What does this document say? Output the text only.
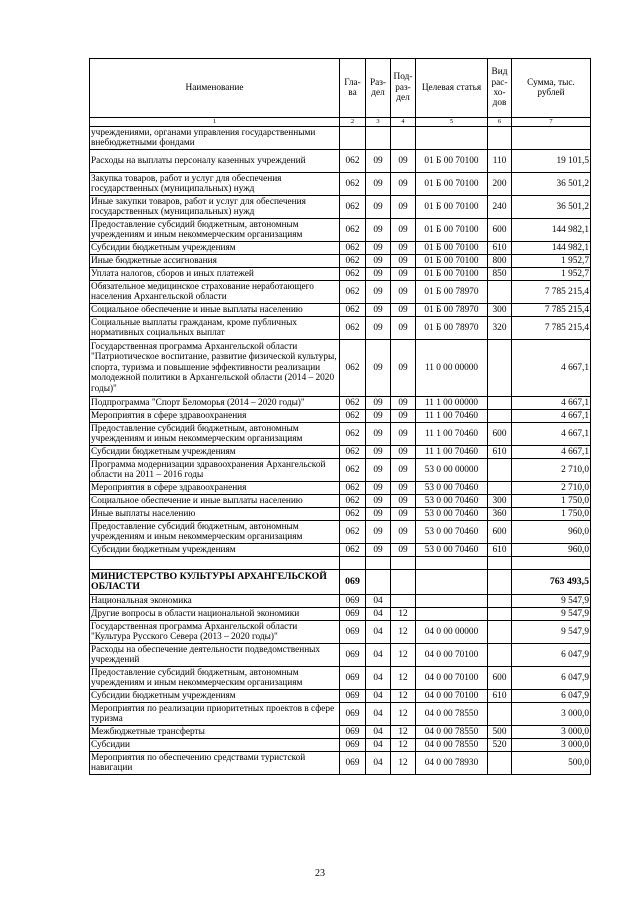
Наименование	Гла-ва	Раз-дел	Под-раз-дел	Целевая статья	Вид рас-хо-дов	Сумма, тыс. рублей
1	2	3	4	5	6	7
учреждениями, органами управления государственными внебюджетными фондами						
Расходы на выплаты персоналу казенных учреждений	062	09	09	01 Б 00 70100	110	19 101,5
Закупка товаров, работ и услуг для обеспечения государственных (муниципальных) нужд	062	09	09	01 Б 00 70100	200	36 501,2
Иные закупки товаров, работ и услуг для обеспечения государственных (муниципальных) нужд	062	09	09	01 Б 00 70100	240	36 501,2
Предоставление субсидий бюджетным, автономным учреждениям и иным некоммерческим организациям	062	09	09	01 Б 00 70100	600	144 982,1
Субсидии бюджетным учреждениям	062	09	09	01 Б 00 70100	610	144 982,1
Иные бюджетные ассигнования	062	09	09	01 Б 00 70100	800	1 952,7
Уплата налогов, сборов и иных платежей	062	09	09	01 Б 00 70100	850	1 952,7
Обязательное медицинское страхование неработающего населения Архангельской области	062	09	09	01 Б 00 78970		7 785 215,4
Социальное обеспечение и иные выплаты населению	062	09	09	01 Б 00 78970	300	7 785 215,4
Социальные выплаты гражданам, кроме публичных нормативных социальных выплат	062	09	09	01 Б 00 78970	320	7 785 215,4
Государственная программа Архангельской области "Патриотическое воспитание, развитие физической культуры, спорта, туризма и повышение эффективности реализации молодежной политики в Архангельской области (2014 – 2020 годы)"	062	09	09	11 0 00 00000		4 667,1
Подпрограмма "Спорт Беломорья (2014 – 2020 годы)"	062	09	09	11 1 00 00000		4 667,1
Мероприятия в сфере здравоохранения	062	09	09	11 1 00 70460		4 667,1
Предоставление субсидий бюджетным, автономным учреждениям и иным некоммерческим организациям	062	09	09	11 1 00 70460	600	4 667,1
Субсидии бюджетным учреждениям	062	09	09	11 1 00 70460	610	4 667,1
Программа модернизации здравоохранения Архангельской области на 2011 – 2016 годы	062	09	09	53 0 00 00000		2 710,0
Мероприятия в сфере здравоохранения	062	09	09	53 0 00 70460		2 710,0
Социальное обеспечение и иные выплаты населению	062	09	09	53 0 00 70460	300	1 750,0
Иные выплаты населению	062	09	09	53 0 00 70460	360	1 750,0
Предоставление субсидий бюджетным, автономным учреждениям и иным некоммерческим организациям	062	09	09	53 0 00 70460	600	960,0
Субсидии бюджетным учреждениям	062	09	09	53 0 00 70460	610	960,0

МИНИСТЕРСТВО КУЛЬТУРЫ АРХАНГЕЛЬСКОЙ ОБЛАСТИ	069					763 493,5
Национальная экономика	069	04				9 547,9
Другие вопросы в области национальной экономики	069	04	12			9 547,9
Государственная программа Архангельской области "Культура Русского Севера (2013 – 2020 годы)"	069	04	12	04 0 00 00000		9 547,9
Расходы на обеспечение деятельности подведомственных учреждений	069	04	12	04 0 00 70100		6 047,9
Предоставление субсидий бюджетным, автономным учреждениям и иным некоммерческим организациям	069	04	12	04 0 00 70100	600	6 047,9
Субсидии бюджетным учреждениям	069	04	12	04 0 00 70100	610	6 047,9
Мероприятия по реализации приоритетных проектов в сфере туризма	069	04	12	04 0 00 78550		3 000,0
Межбюджетные трансферты	069	04	12	04 0 00 78550	500	3 000,0
Субсидии	069	04	12	04 0 00 78550	520	3 000,0
Мероприятия по обеспечению средствами туристской навигации	069	04	12	04 0 00 78930		500,0
23
